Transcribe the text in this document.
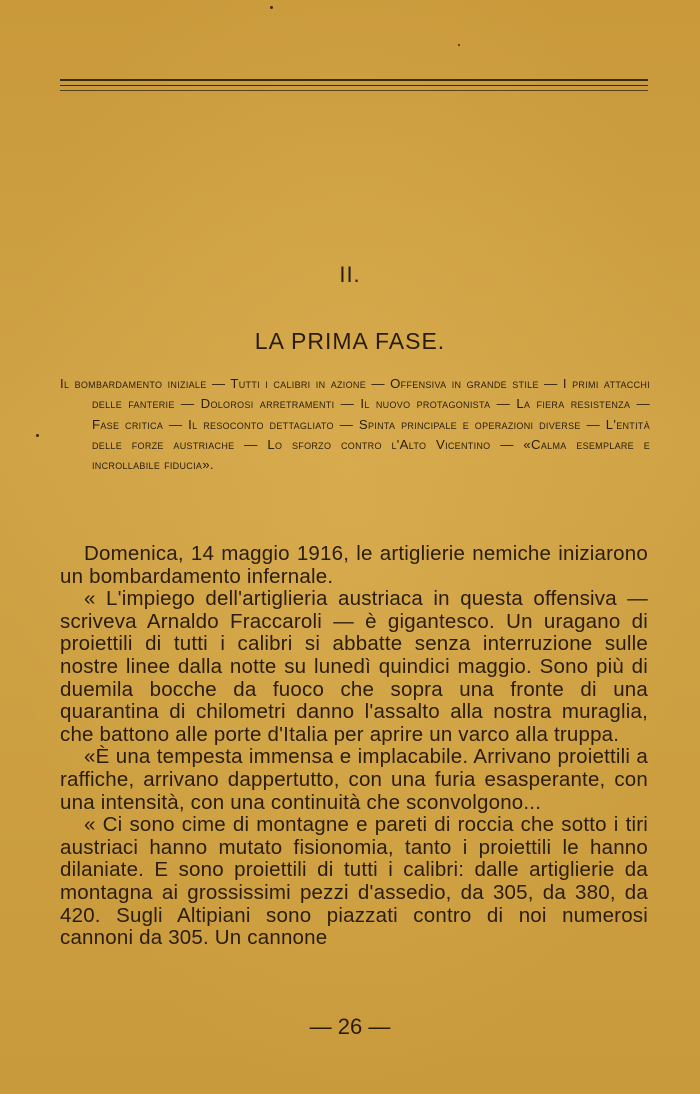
II.
LA PRIMA FASE.
Il bombardamento iniziale — Tutti i calibri in azione — Offensiva in grande stile — I primi attacchi delle fanterie — Dolorosi arretramenti — Il nuovo protagonista — La fiera resistenza — Fase critica — Il resoconto dettagliato — Spinta principale e operazioni diverse — L'entità delle forze austriache — Lo sforzo contro l'Alto Vicentino — «Calma esemplare e incrollabile fiducia».

Domenica, 14 maggio 1916, le artiglierie nemiche iniziarono un bombardamento infernale.

« L'impiego dell'artiglieria austriaca in questa offensiva — scriveva Arnaldo Fraccaroli — è gigantesco. Un uragano di proiettili di tutti i calibri si abbatte senza interruzione sulle nostre linee dalla notte su lunedì quindici maggio. Sono più di duemila bocche da fuoco che sopra una fronte di una quarantina di chilometri danno l'assalto alla nostra muraglia, che battono alle porte d'Italia per aprire un varco alla truppa.

«È una tempesta immensa e implacabile. Arrivano proiettili a raffiche, arrivano dappertutto, con una furia esasperante, con una intensità, con una continuità che sconvolgono...

« Ci sono cime di montagne e pareti di roccia che sotto i tiri austriaci hanno mutato fisionomia, tanto i proiettili le hanno dilaniate. E sono proiettili di tutti i calibri: dalle artiglierie da montagna ai grossissimi pezzi d'assedio, da 305, da 380, da 420. Sugli Altipiani sono piazzati contro di noi numerosi cannoni da 305. Un cannone

— 26 —
